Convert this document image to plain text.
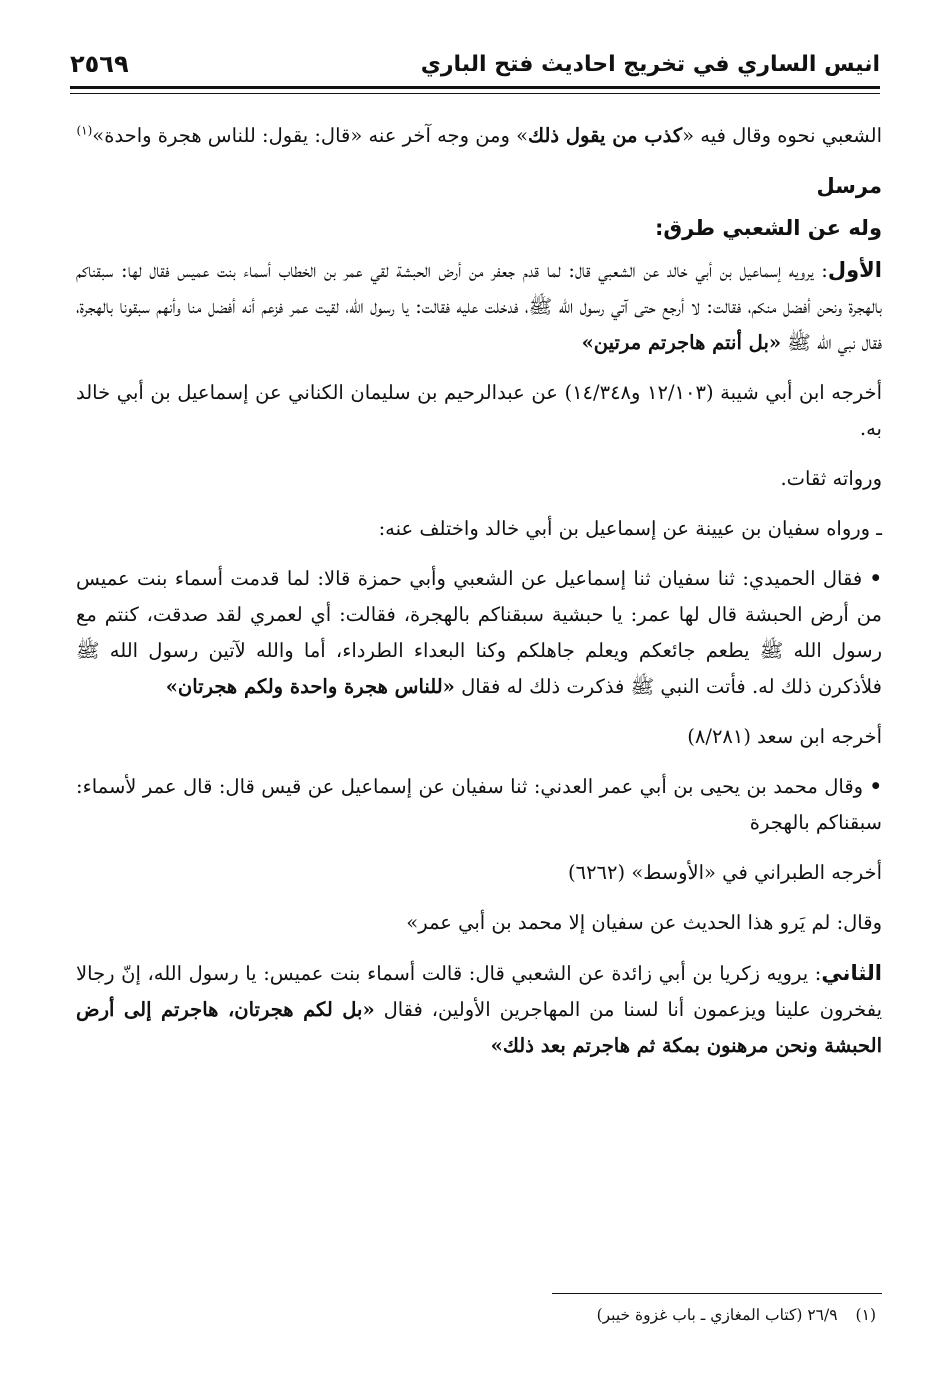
انيس الساري في تخريج احاديث فتح الباري
٢٥٦٩

الشعبي نحوه وقال فيه «كذب من يقول ذلك» ومن وجه آخر عنه «قال: يقول: للناس هجرة واحدة»$^{(١)}$

مرسل

وله عن الشعبي طرق:

الأول: يرويه إسماعيل بن أبي خالد عن الشعبي قال: لما قدم جعفر من أرض الحبشة لقي عمر بن الخطاب أسماء بنت عميس فقال لها: سبقناكم بالهجرة ونحن أفضل منكم، فقالت: لا أرجع حتى آتي رسول الله ﷺ، فدخلت عليه فقالت: يا رسول الله، لقيت عمر فزعم أنه أفضل منا وأنهم سبقونا بالهجرة، فقال نبي الله ﷺ «بل أنتم هاجرتم مرتين»

أخرجه ابن أبي شيبة (١٢/١٠٣ و١٤/٣٤٨) عن عبدالرحيم بن سليمان الكناني عن إسماعيل بن أبي خالد به.

ورواته ثقات.

ـ ورواه سفيان بن عيينة عن إسماعيل بن أبي خالد واختلف عنه:

• فقال الحميدي: ثنا سفيان ثنا إسماعيل عن الشعبي وأبي حمزة قالا: لما قدمت أسماء بنت عميس من أرض الحبشة قال لها عمر: يا حبشية سبقناكم بالهجرة، فقالت: أي لعمري لقد صدقت، كنتم مع رسول الله ﷺ يطعم جائعكم ويعلم جاهلكم وكنا البعداء الطرداء، أما والله لآتين رسول الله ﷺ فلأذكرن ذلك له. فأتت النبي ﷺ فذكرت ذلك له فقال «للناس هجرة واحدة ولكم هجرتان»

أخرجه ابن سعد (٨/٢٨١)

• وقال محمد بن يحيى بن أبي عمر العدني: ثنا سفيان عن إسماعيل عن قيس قال: قال عمر لأسماء: سبقناكم بالهجرة

أخرجه الطبراني في «الأوسط» (٦٢٦٢)

وقال: لم يَرو هذا الحديث عن سفيان إلا محمد بن أبي عمر»

الثاني: يرويه زكريا بن أبي زائدة عن الشعبي قال: قالت أسماء بنت عميس: يا رسول الله، إنّ رجالا يفخرون علينا ويزعمون أنا لسنا من المهاجرين الأولين، فقال «بل لكم هجرتان، هاجرتم إلى أرض الحبشة ونحن مرهنون بمكة ثم هاجرتم بعد ذلك»

(١)٢٦/٩ (كتاب المغازي ـ باب غزوة خيبر)
